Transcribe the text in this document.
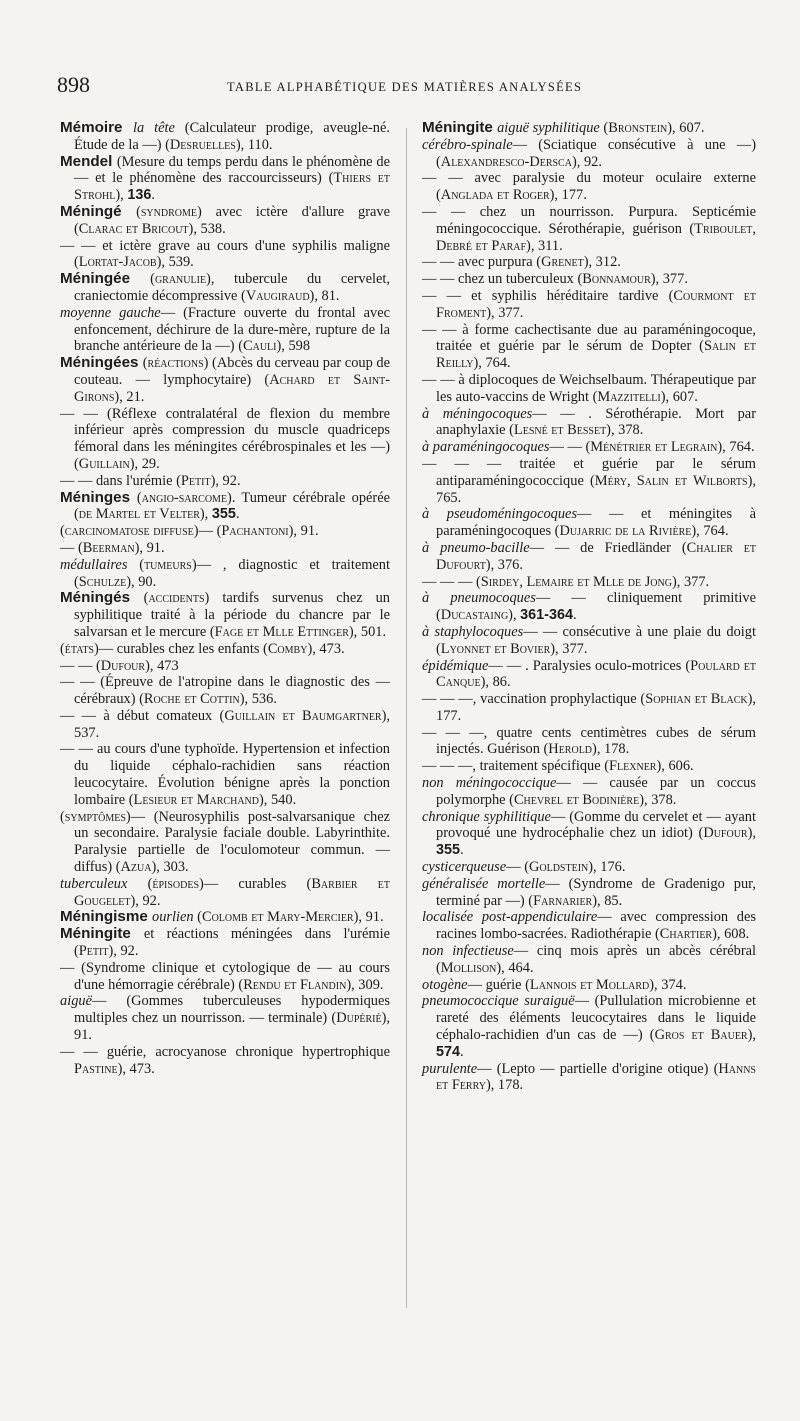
898	TABLE ALPHABÉTIQUE DES MATIÈRES ANALYSÉES

Mémoire la tête (Calculateur prodige, aveugle-né. Étude de la —) (Desruelles), 110.

Mendel (Mesure du temps perdu dans le phénomène de — et le phénomène des raccourcisseurs) (Thiers et Strohl), 136.

Méningé (syndrome) avec ictère d'allure grave (Clarac et Bricout), 538.

— — et ictère grave au cours d'une syphilis maligne (Lortat-Jacob), 539.

Méningée (granulie), tubercule du cervelet, craniectomie décompressive (Vaugiraud), 81.

moyenne gauche— (Fracture ouverte du frontal avec enfoncement, déchirure de la dure-mère, rupture de la branche antérieure de la —) (Cauli), 598

Méningées (réactions) (Abcès du cerveau par coup de couteau. — lymphocytaire) (Achard et Saint-Girons), 21.

— — (Réflexe contralatéral de flexion du membre inférieur après compression du muscle quadriceps fémoral dans les méningites cérébrospinales et les —) (Guillain), 29.

— — dans l'urémie (Petit), 92.

Méninges (angio-sarcome). Tumeur cérébrale opérée (de Martel et Velter), 355.

(carcinomatose diffuse)— (Pachantoni), 91.

— (Beerman), 91.

médullaires (tumeurs)— , diagnostic et traitement (Schulze), 90.

Méningés (accidents) tardifs survenus chez un syphilitique traité à la période du chancre par le salvarsan et le mercure (Fage et Mlle Ettinger), 501.

(états)— curables chez les enfants (Comby), 473.

— — (Dufour), 473

— — (Épreuve de l'atropine dans le diagnostic des — cérébraux) (Roche et Cottin), 536.

— — à début comateux (Guillain et Baumgartner), 537.

— — au cours d'une typhoïde. Hypertension et infection du liquide céphalo-rachidien sans réaction leucocytaire. Évolution bénigne après la ponction lombaire (Lesieur et Marchand), 540.

(symptômes)— (Neurosyphilis post-salvarsanique chez un secondaire. Paralysie faciale double. Labyrinthite. Paralysie partielle de l'oculomoteur commun. — diffus) (Azua), 303.

tuberculeux (épisodes)— curables (Barbier et Gougelet), 92.

Méningisme ourlien (Colomb et Mary-Mercier), 91.

Méningite et réactions méningées dans l'urémie (Petit), 92.

— (Syndrome clinique et cytologique de — au cours d'une hémorragie cérébrale) (Rendu et Flandin), 309.

aiguë— (Gommes tuberculeuses hypodermiques multiples chez un nourrisson. — terminale) (Dupérié), 91.

— — guérie, acrocyanose chronique hypertrophique Pastine), 473.

Méningite aiguë syphilitique (Bronstein), 607.

cérébro-spinale— (Sciatique consécutive à une —) (Alexandresco-Dersca), 92.

— — avec paralysie du moteur oculaire externe (Anglada et Roger), 177.

— — chez un nourrisson. Purpura. Septicémie méningococcique. Sérothérapie, guérison (Triboulet, Debré et Paraf), 311.

— — avec purpura (Grenet), 312.

— — chez un tuberculeux (Bonnamour), 377.

— — et syphilis héréditaire tardive (Courmont et Froment), 377.

— — à forme cachectisante due au paraméningocoque, traitée et guérie par le sérum de Dopter (Salin et Reilly), 764.

— — à diplocoques de Weichselbaum. Thérapeutique par les auto-vaccins de Wright (Mazzitelli), 607.

à méningocoques— — . Sérothérapie. Mort par anaphylaxie (Lesné et Besset), 378.

à paraméningocoques— — (Ménétrier et Legrain), 764.

— — — traitée et guérie par le sérum antiparaméningococcique (Méry, Salin et Wilborts), 765.

à pseudoméningocoques— — et méningites à paraméningocoques (Dujarric de la Rivière), 764.

à pneumo-bacille— — de Friedländer (Chalier et Dufourt), 376.

— — — (Sirdey, Lemaire et Mlle de Jong), 377.

à pneumocoques— — cliniquement primitive (Ducastaing), 361-364.

à staphylocoques— — consécutive à une plaie du doigt (Lyonnet et Bovier), 377.

épidémique— — . Paralysies oculo-motrices (Poulard et Canque), 86.

— — —, vaccination prophylactique (Sophian et Black), 177.

— — —, quatre cents centimètres cubes de sérum injectés. Guérison (Herold), 178.

— — —, traitement spécifique (Flexner), 606.

non méningococcique— — causée par un coccus polymorphe (Chevrel et Bodinière), 378.

chronique syphilitique— (Gomme du cervelet et — ayant provoqué une hydrocéphalie chez un idiot) (Dufour), 355.

cysticerqueuse— (Goldstein), 176.

généralisée mortelle— (Syndrome de Gradenigo pur, terminé par —) (Farnarier), 85.

localisée post-appendiculaire— avec compression des racines lombo-sacrées. Radiothérapie (Chartier), 608.

non infectieuse— cinq mois après un abcès cérébral (Mollison), 464.

otogène— guérie (Lannois et Mollard), 374.

pneumococcique suraiguë— (Pullulation microbienne et rareté des éléments leucocytaires dans le liquide céphalo-rachidien d'un cas de —) (Gros et Bauer), 574.

purulente— (Lepto — partielle d'origine otique) (Hanns et Ferry), 178.
